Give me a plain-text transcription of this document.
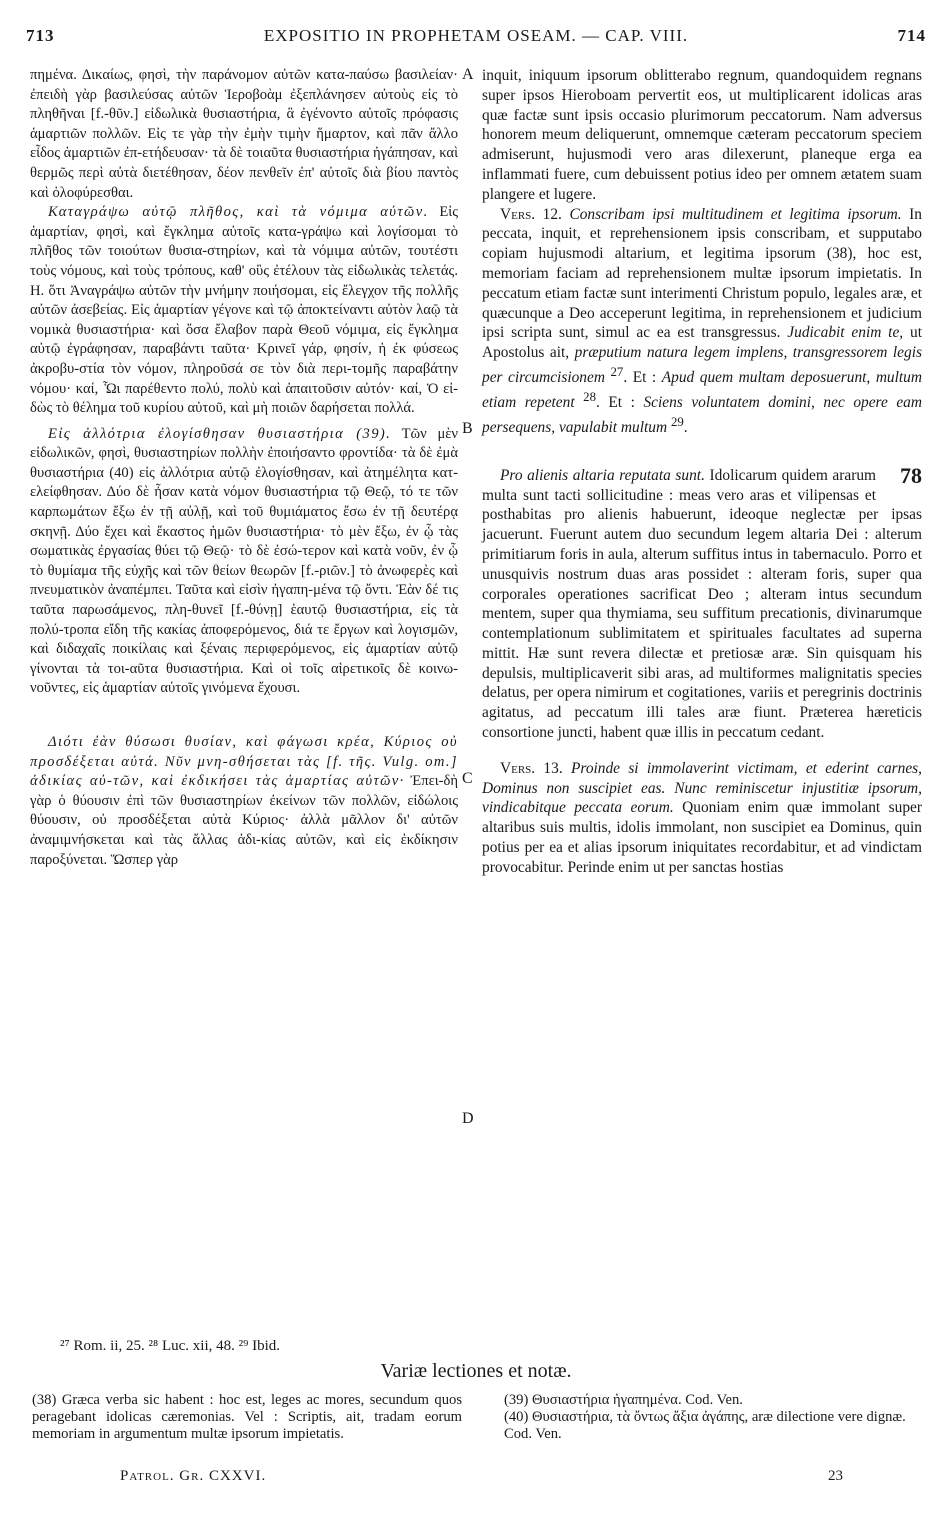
713	EXPOSITIO IN PROPHETAM OSEAM. — CAP. VIII.	714
A
B
C
D

πημένα. Δικαίως, φησὶ, τὴν παράνομον αὐτῶν κατα-παύσω βασιλείαν· ἐπειδὴ γὰρ βασιλεύσας αὐτῶν Ἱεροβοὰμ ἐξεπλάνησεν αὐτοὺς εἰς τὸ πληθῆναι [f.-θῦν.] εἰδωλικὰ θυσιαστήρια, ἃ ἐγένοντο αὐτοῖς πρόφασις ἁμαρτιῶν πολλῶν. Εἰς τε γὰρ τὴν ἐμὴν τιμὴν ἥμαρτον, καὶ πᾶν ἄλλο εἶδος ἁμαρτιῶν ἐπ-ετήδευσαν· τὰ δὲ τοιαῦτα θυσιαστήρια ἠγάπησαν, καὶ θερμῶς περὶ αὐτὰ διετέθησαν, δέον πενθεῖν ἐπ' αὐτοῖς διὰ βίου παντὸς καὶ ὀλοφύρεσθαι.

Καταγράψω αὐτῷ πλῆθος, καὶ τὰ νόμιμα αὐτῶν. Εἰς ἁμαρτίαν, φησὶ, καὶ ἔγκλημα αὐτοῖς κατα-γράψω καὶ λογίσομαι τὸ πλῆθος τῶν τοιούτων θυσια-στηρίων, καὶ τὰ νόμιμα αὐτῶν, τουτέστι τοὺς νόμους, καὶ τοὺς τρόπους, καθ' οὓς ἐτέλουν τὰς εἰδωλικὰς τελετάς. Η. ὅτι Ἀναγράψω αὐτῶν τὴν μνήμην ποιήσομαι, εἰς ἔλεγχον τῆς πολλῆς αὐτῶν ἀσεβείας. Εἰς ἁμαρτίαν γέγονε καὶ τῷ ἀποκτείναντι αὐτὸν λαῷ τὰ νομικὰ θυσιαστήρια· καὶ ὅσα ἔλαβον παρὰ Θεοῦ νόμιμα, εἰς ἔγκλημα αὐτῷ ἐγράφησαν, παραβάντι ταῦτα· Κρινεῖ γάρ, φησίν, ἡ ἐκ φύσεως ἀκροβυ-στία τὸν νόμον, πληροῦσά σε τὸν διὰ περι-τομῆς παραβάτην νόμου· καί, Ὧι παρέθεντο πολύ, πολὺ καὶ ἀπαιτοῦσιν αὐτόν· καί, Ὁ εἰ-δὼς τὸ θέλημα τοῦ κυρίου αὐτοῦ, καὶ μὴ ποιῶν δαρήσεται πολλά.

Εἰς ἀλλότρια ἐλογίσθησαν θυσιαστήρια (39). Τῶν μὲν εἰδωλικῶν, φησὶ, θυσιαστηρίων πολλὴν ἐποιήσαντο φροντίδα· τὰ δὲ ἐμὰ θυσιαστήρια (40) εἰς ἀλλότρια αὐτῷ ἐλογίσθησαν, καὶ ἀτημέλητα κατ-ελείφθησαν. Δύο δὲ ἦσαν κατὰ νόμον θυσιαστήρια τῷ Θεῷ, τό τε τῶν καρπωμάτων ἔξω ἐν τῇ αὐλῇ, καὶ τοῦ θυμιάματος ἔσω ἐν τῇ δευτέρᾳ σκηνῇ. Δύο ἔχει καὶ ἕκαστος ἡμῶν θυσιαστήρια· τὸ μὲν ἔξω, ἐν ᾧ τὰς σωματικὰς ἐργασίας θύει τῷ Θεῷ· τὸ δὲ ἐσώ-τερον καὶ κατὰ νοῦν, ἐν ᾧ τὸ θυμίαμα τῆς εὐχῆς καὶ τῶν θείων θεωρῶν [f.-ριῶν.] τὸ ἀνωφερὲς καὶ πνευματικὸν ἀναπέμπει. Ταῦτα καὶ εἰσὶν ἠγαπη-μένα τῷ ὄντι. Ἐὰν δέ τις ταῦτα παρωσάμενος, πλη-θυνεῖ [f.-θύνῃ] ἑαυτῷ θυσιαστήρια, εἰς τὰ πολύ-τροπα εἴδη τῆς κακίας ἀποφερόμενος, διά τε ἔργων καὶ λογισμῶν, καὶ διδαχαῖς ποικίλαις καὶ ξέναις περιφερόμενος, εἰς ἁμαρτίαν αὐτῷ γίνονται τὰ τοι-αῦτα θυσιαστήρια. Καὶ οἱ τοῖς αἱρετικοῖς δὲ κοινω-νοῦντες, εἰς ἁμαρτίαν αὐτοῖς γινόμενα ἔχουσι.

Διότι ἐὰν θύσωσι θυσίαν, καὶ φάγωσι κρέα, Κύριος οὐ προσδέξεται αὐτά. Νῦν μνη-σθήσεται τὰς [f. τῆς. Vulg. om.] ἀδικίας αὐ-τῶν, καὶ ἐκδικήσει τὰς ἁμαρτίας αὐτῶν· Ἐπει-δὴ γὰρ ὁ θύουσιν ἐπὶ τῶν θυσιαστηρίων ἐκείνων τῶν πολλῶν, εἰδώλοις θύουσιν, οὐ προσδέξεται αὐτὰ Κύριος· ἀλλὰ μᾶλλον δι' αὐτῶν ἀναμιμνήσκεται καὶ τὰς ἄλλας ἀδι-κίας αὐτῶν, καὶ εἰς ἐκδίκησιν παροξύνεται. Ὥσπερ γὰρ

inquit, iniquum ipsorum oblitterabo regnum, quandoquidem regnans super ipsos Hieroboam pervertit eos, ut multiplicarent idolicas aras quæ factæ sunt ipsis occasio plurimorum peccatorum. Nam adversus honorem meum deliquerunt, omnemque cæteram peccatorum speciem admiserunt, hujusmodi vero aras dilexerunt, planeque erga ea inflammati fuere, cum debuissent potius ideo per omnem ætatem suam plangere et lugere.

Vers. 12. Conscribam ipsi multitudinem et legitima ipsorum. In peccata, inquit, et reprehensionem ipsis conscribam, et supputabo copiam hujusmodi altarium, et legitima ipsorum (38), hoc est, memoriam faciam ad reprehensionem multæ ipsorum impietatis. In peccatum etiam factæ sunt interimenti Christum populo, legales aræ, et quæcunque a Deo acceperunt legitima, in reprehensionem et judicium ipsi scripta sunt, simul ac ea est transgressus. Judicabit enim te, ut Apostolus ait, præputium natura legem implens, transgressorem legis per circumcisionem $^{27}$. Et : Apud quem multam deposuerunt, multum etiam repetent $^{28}$. Et : Sciens voluntatem domini, nec opere eam persequens, vapulabit multum $^{29}$.

78
Pro alienis altaria reputata sunt. Idolicarum quidem ararum multa sunt tacti sollicitudine : meas vero aras et vilipensas et posthabitas pro alienis habuerunt, ideoque neglectæ per ipsas jacuerunt. Fuerunt autem duo secundum legem altaria Dei : alterum primitiarum foris in aula, alterum suffitus intus in tabernaculo. Porro et unusquivis nostrum duas aras possidet : alteram foris, super qua corporales operationes sacrificat Deo ; alteram intus secundum mentem, super qua thymiama, seu suffitum precationis, divinarumque contemplationum sublimitatem et spirituales facultates ad superna mittit. Hæ sunt revera dilectæ et pretiosæ aræ. Sin quisquam his depulsis, multiplicaverit sibi aras, ad multiformes malignitatis species delatus, per opera nimirum et cogitationes, variis et peregrinis doctrinis agitatus, ad peccatum illi tales aræ fiunt. Præterea hæreticis consortione juncti, habent quæ illis in peccatum cedant.

Vers. 13. Proinde si immolaverint victimam, et ederint carnes, Dominus non suscipiet eas. Nunc reminiscetur injustitiæ ipsorum, vindicabitque peccata eorum. Quoniam enim quæ immolant super altaribus suis multis, idolis immolant, non suscipiet ea Dominus, quin potius per ea et alias ipsorum iniquitates recordabitur, et ad vindictam provocabitur. Perinde enim ut per sanctas hostias

²⁷ Rom. ii, 25. ²⁸ Luc. xii, 48. ²⁹ Ibid.
Variæ lectiones et notæ.
(38) Græca verba sic habent : hoc est, leges ac mores, secundum quos peragebant idolicas cæremonias. Vel : Scriptis, ait, tradam eorum memoriam in argumentum multæ ipsorum impietatis.
(39) Θυσιαστήρια ἠγαπημένα. Cod. Ven.
(40) Θυσιαστήρια, τὰ ὄντως ἄξια ἀγάπης, aræ dilectione vere dignæ. Cod. Ven.
Patrol. Gr. CXXVI.	23
